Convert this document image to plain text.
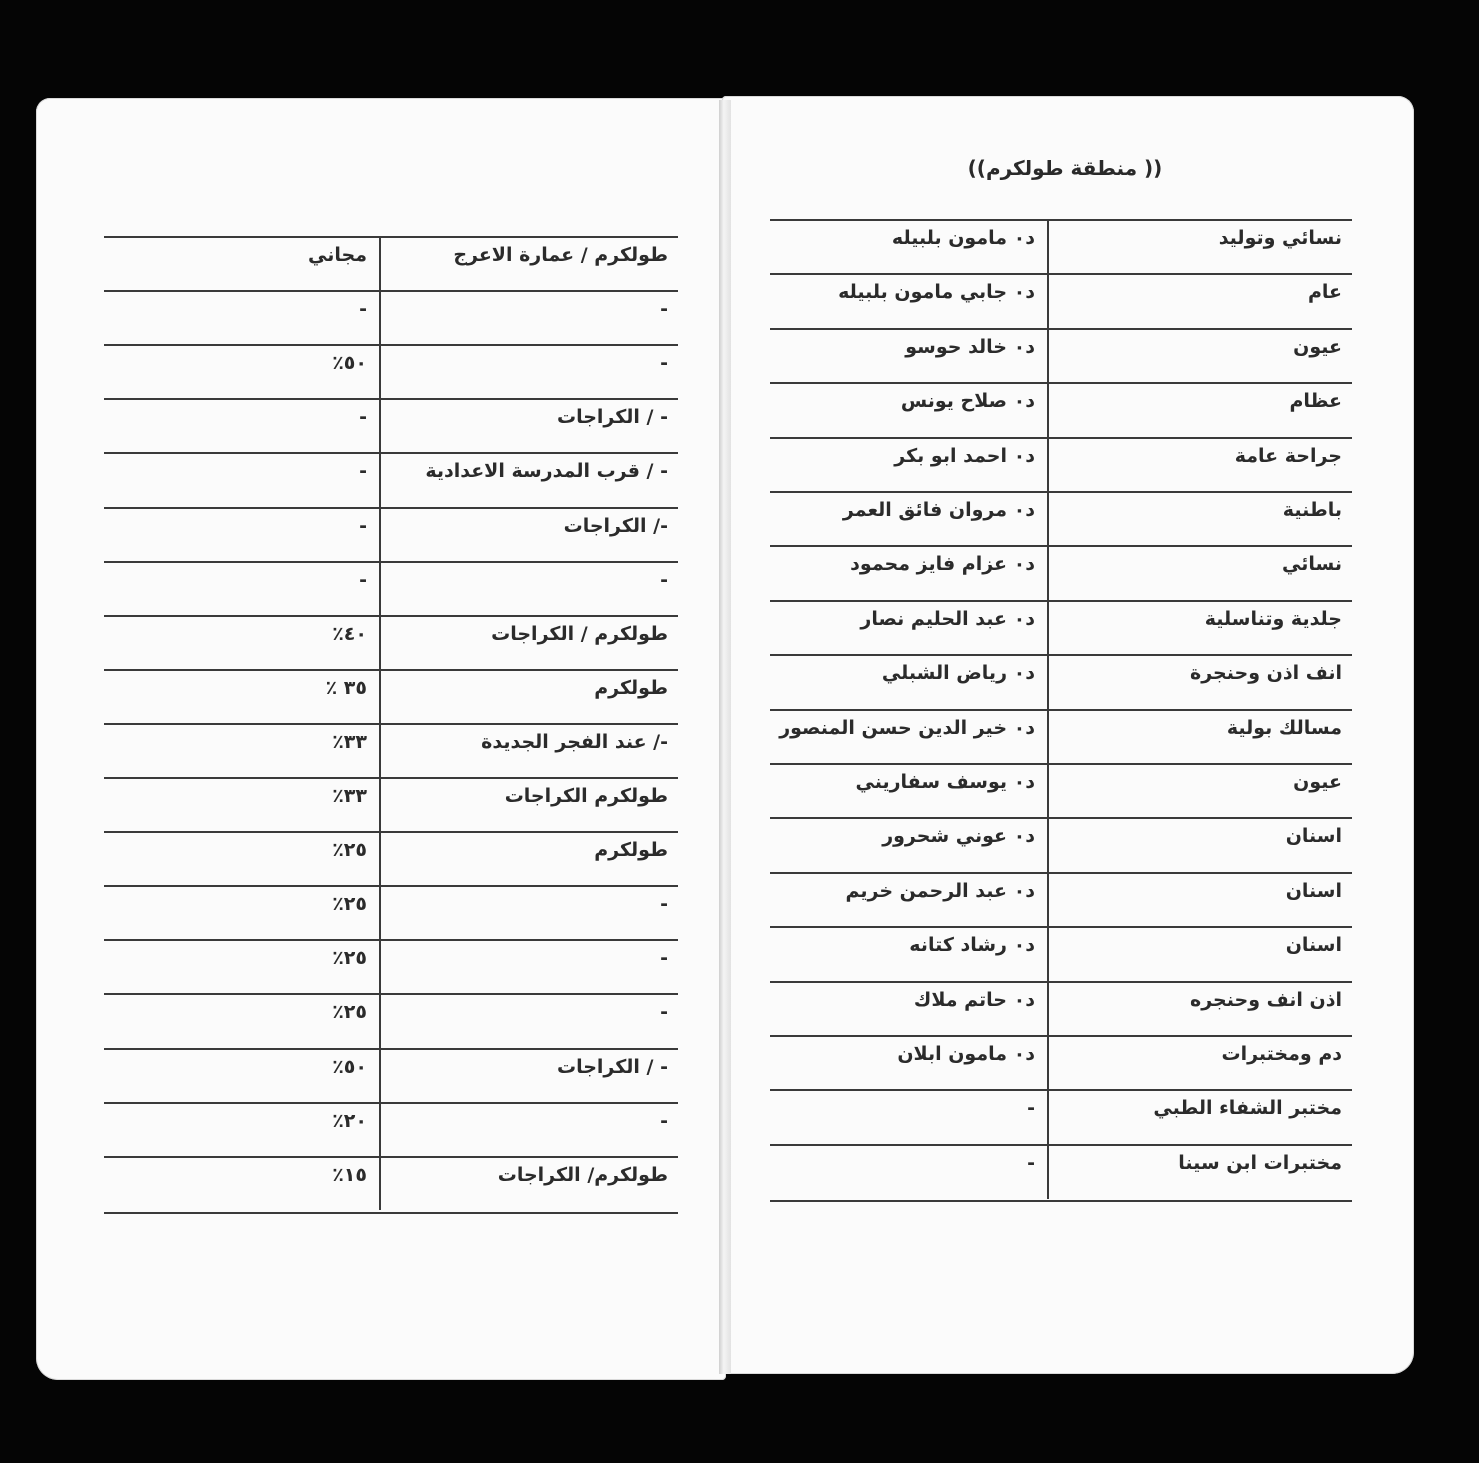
(( منطقة طولكرم))
نسائي وتوليد
د٠ مامون بلبيله
عام
د٠ جابي مامون بلبيله
عيون
د٠ خالد حوسو
عظام
د٠ صلاح يونس
جراحة عامة
د٠ احمد ابو بكر
باطنية
د٠ مروان فائق العمر
نسائي
د٠ عزام فايز محمود
جلدية وتناسلية
د٠ عبد الحليم نصار
انف اذن وحنجرة
د٠ رياض الشبلي
مسالك بولية
د٠ خير الدين حسن المنصور
عيون
د٠ يوسف سفاريني
اسنان
د٠ عوني شحرور
اسنان
د٠ عبد الرحمن خريم
اسنان
د٠ رشاد كتانه
اذن انف وحنجره
د٠ حاتم ملاك
دم ومختبرات
د٠ مامون ابلان
مختبر الشفاء الطبي
-
مختبرات ابن سينا
-
طولكرم / عمارة الاعرج
مجاني
-
-
-
٥٠٪
- / الكراجات
-
- / قرب المدرسة الاعدادية
-
-/ الكراجات
-
-
-
طولكرم / الكراجات
٤٠٪
طولكرم
٣٥ ٪
-/ عند الفجر الجديدة
٣٣٪
طولكرم الكراجات
٣٣٪
طولكرم
٢٥٪
-
٢٥٪
-
٢٥٪
-
٢٥٪
- / الكراجات
٥٠٪
-
٢٠٪
طولكرم/ الكراجات
١٥٪
